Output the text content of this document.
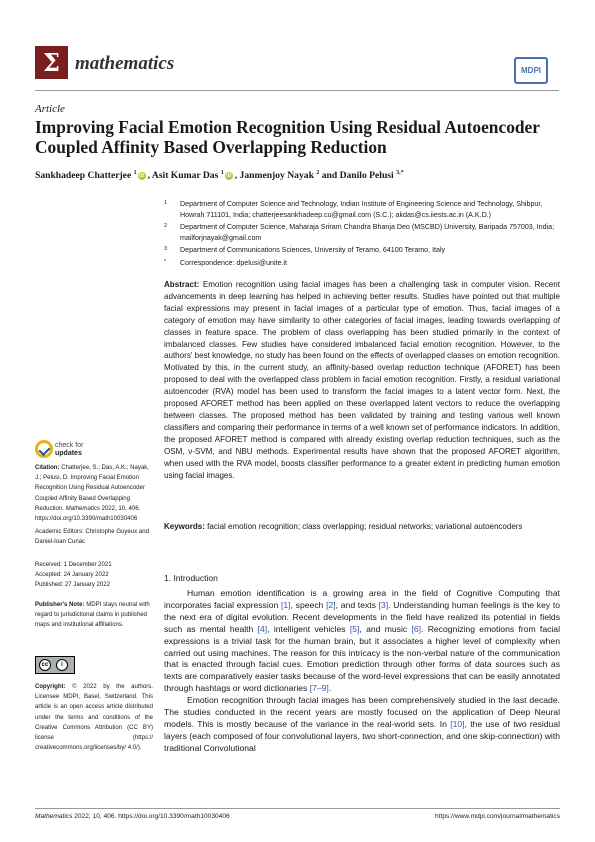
Σ mathematics	MDPI
Article
Improving Facial Emotion Recognition Using Residual Autoencoder Coupled Affinity Based Overlapping Reduction
Sankhadeep Chatterjee $^1$iD , Asit Kumar Das $^1$iD , Janmenjoy Nayak $^2$ and Danilo Pelusi $^{3,*}$
1 Department of Computer Science and Technology, Indian Institute of Engineering Science and Technology, Shibpur, Howrah 711101, India; chatterjeesankhadeep.cu@gmail.com (S.C.); akdas@cs.iiests.ac.in (A.K.D.)
2 Department of Computer Science, Maharaja Sriram Chandra Bhanja Deo (MSCBD) University, Baripada 757003, India; mailforjnayak@gmail.com
3 Department of Communications Sciences, University of Teramo, 64100 Teramo, Italy
* Correspondence: dpelusi@unite.it
Abstract: Emotion recognition using facial images has been a challenging task in computer vision. Recent advancements in deep learning has helped in achieving better results. Studies have pointed out that multiple facial expressions may present in facial images of a particular type of emotion. Thus, facial images of a category of emotion may have similarity to other categories of facial images, leading towards overlapping of classes in feature space. The problem of class overlapping has been studied primarily in the context of imbalanced classes. Few studies have considered imbalanced facial emotion recognition. However, to the authors' best knowledge, no study has been found on the effects of overlapped classes on emotion recognition. Motivated by this, in the current study, an affinity-based overlap reduction technique (AFORET) has been proposed to deal with the overlapped class problem in facial emotion recognition. Firstly, a residual variational autoencoder (RVA) model has been used to transform the facial images to a latent vector form. Next, the proposed AFORET method has been applied on these overlapped latent vectors to reduce the overlapping between classes. The proposed method has been validated by training and testing various well known classifiers and comparing their performance in terms of a well known set of performance indicators. In addition, the proposed AFORET method is compared with already existing overlap reduction techniques, such as the OSM, ν-SVM, and NBU methods. Experimental results have shown that the proposed AFORET algorithm, when used with the RVA model, boosts classifier performance to a greater extent in predicting human emotion using facial images.
Keywords: facial emotion recognition; class overlapping; residual networks; variational autoencoders
check for
updates
Citation: Chatterjee, S.; Das, A.K.; Nayak, J.; Pelusi, D. Improving Facial Emotion Recognition Using Residual Autoencoder Coupled Affinity Based Overlapping Reduction. Mathematics 2022, 10, 406. https://doi.org/10.3390/math10030406
Academic Editors: Christophe Guyeux and Daniel-Ioan Curiac
Received: 1 December 2021
Accepted: 24 January 2022
Published: 27 January 2022
Publisher's Note: MDPI stays neutral with regard to jurisdictional claims in published maps and institutional affiliations.
cc	i
Copyright: © 2022 by the authors. Licensee MDPI, Basel, Switzerland. This article is an open access article distributed under the terms and conditions of the Creative Commons Attribution (CC BY) license (https:// creativecommons.org/licenses/by/ 4.0/).
1. Introduction

Human emotion identification is a growing area in the field of Cognitive Computing that incorporates facial expression [1], speech [2], and texts [3]. Understanding human feelings is the key to the next era of digital evolution. Recent developments in the field have realized its potential in fields such as mental health [4], intelligent vehicles [5], and music [6]. Recognizing emotions from facial expressions is a trivial task for the human brain, but it associates a higher level of complexity when carried out using machines. The reason for this intricacy is the non-verbal nature of the communication that is enacted through facial cues. Emotion prediction through other forms of data sources such as texts are comparatively easier tasks because of the word-level expressions that can be easily annotated through hashtags or word dictionaries [7–9].

Emotion recognition through facial images has been comprehensively studied in the last decade. The studies conducted in the recent years are mostly focused on the application of Deep Neural models. This is mostly because of the variance in the real-world sets. In [10], the use of two residual layers (each composed of four convolutional layers, two short-connection, and one skip-connection) with traditional Convolutional

Mathematics 2022, 10, 406. https://doi.org/10.3390/math10030406	https://www.mdpi.com/journal/mathematics
